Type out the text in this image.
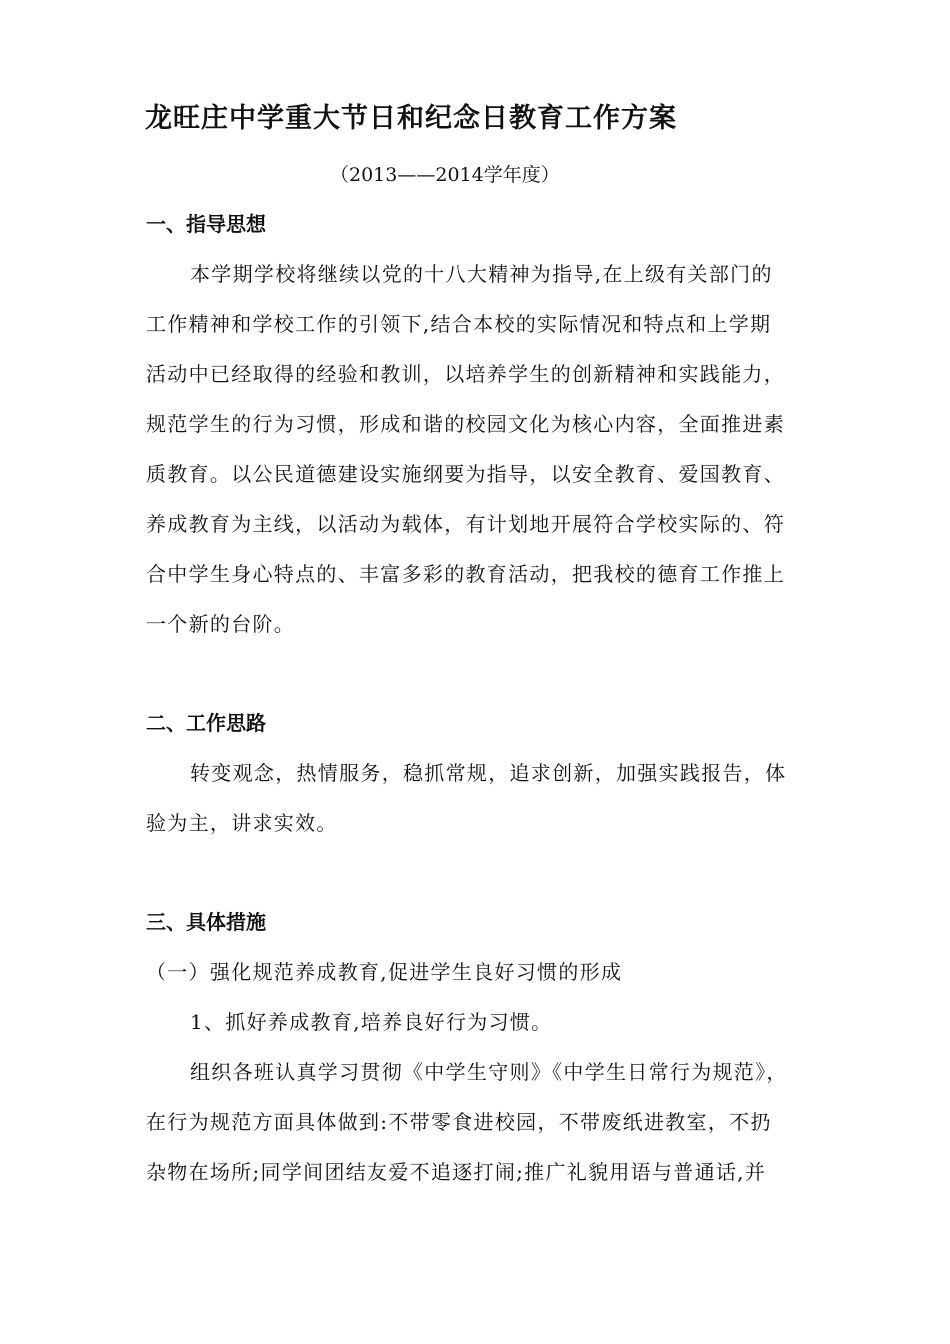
龙旺庄中学重大节日和纪念日教育工作方案
（2013——2014学年度）
一、指导思想
本学期学校将继续以党的十八大精神为指导,在上级有关部门的
工作精神和学校工作的引领下,结合本校的实际情况和特点和上学期
活动中已经取得的经验和教训，以培养学生的创新精神和实践能力，
规范学生的行为习惯，形成和谐的校园文化为核心内容，全面推进素
质教育。以公民道德建设实施纲要为指导，以安全教育、爱国教育、
养成教育为主线，以活动为载体，有计划地开展符合学校实际的、符
合中学生身心特点的、丰富多彩的教育活动，把我校的德育工作推上
一个新的台阶。
二、工作思路
转变观念，热情服务，稳抓常规，追求创新，加强实践报告，体
验为主，讲求实效。
三、具体措施
（一）强化规范养成教育,促进学生良好习惯的形成
1、抓好养成教育,培养良好行为习惯。
组织各班认真学习贯彻《中学生守则》《中学生日常行为规范》，
在行为规范方面具体做到:不带零食进校园，不带废纸进教室，不扔
杂物在场所;同学间团结友爱不追逐打闹;推广礼貌用语与普通话,并
